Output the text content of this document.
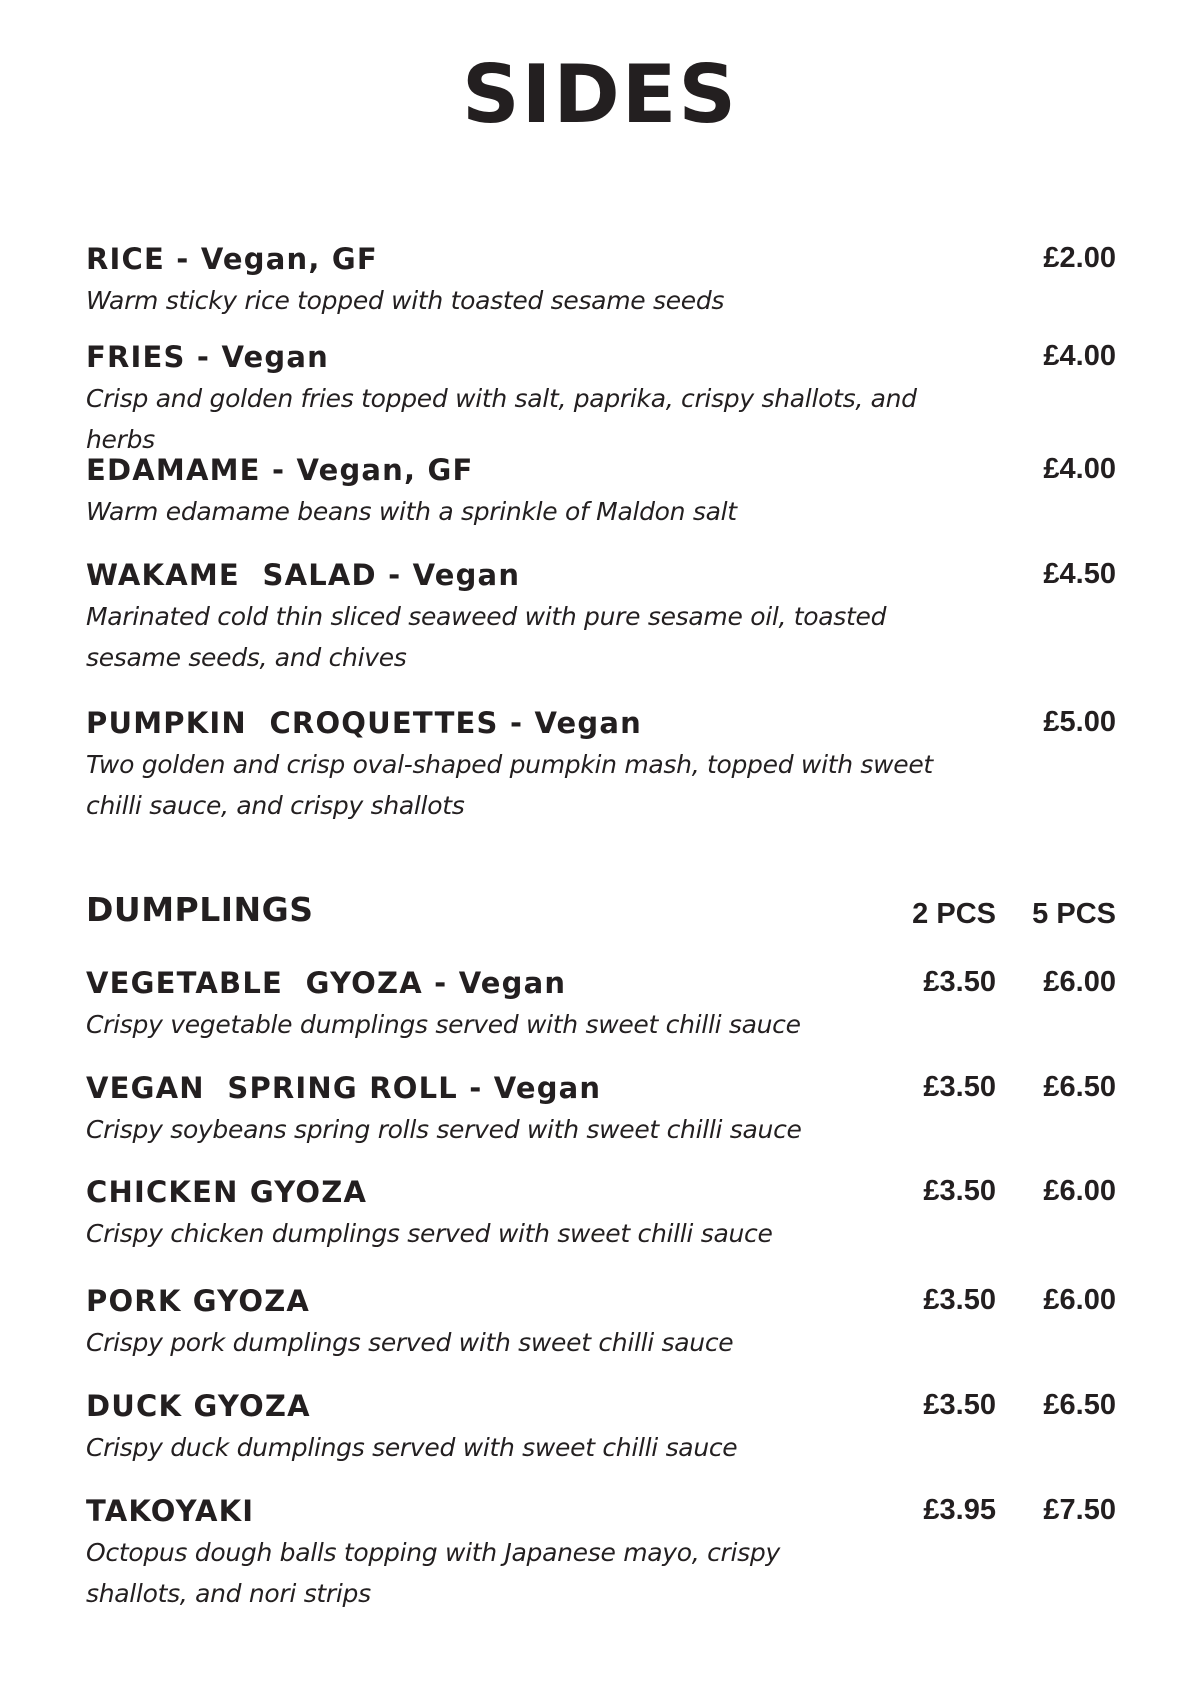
SIDES
RICE - Vegan, GF
Warm sticky rice topped with toasted sesame seeds
£2.00
FRIES - Vegan
Crisp and golden fries topped with salt, paprika, crispy shallots, and herbs
£4.00
EDAMAME - Vegan, GF
Warm edamame beans with a sprinkle of Maldon salt
£4.00
WAKAME  SALAD - Vegan
Marinated cold thin sliced seaweed with pure sesame oil, toasted sesame seeds, and chives
£4.50
PUMPKIN  CROQUETTES - Vegan
Two golden and crisp oval-shaped pumpkin mash, topped with sweet chilli sauce, and crispy shallots
£5.00
DUMPLINGS	2 PCS	5 PCS
VEGETABLE  GYOZA - Vegan
Crispy vegetable dumplings served with sweet chilli sauce
£3.50	£6.00
VEGAN  SPRING ROLL - Vegan
Crispy soybeans spring rolls served with sweet chilli sauce
£3.50	£6.50
CHICKEN GYOZA
Crispy chicken dumplings served with sweet chilli sauce
£3.50	£6.00
PORK GYOZA
Crispy pork dumplings served with sweet chilli sauce
£3.50	£6.00
DUCK GYOZA
Crispy duck dumplings served with sweet chilli sauce
£3.50	£6.50
TAKOYAKI
Octopus dough balls topping with Japanese mayo, crispy shallots, and nori strips
£3.95	£7.50
